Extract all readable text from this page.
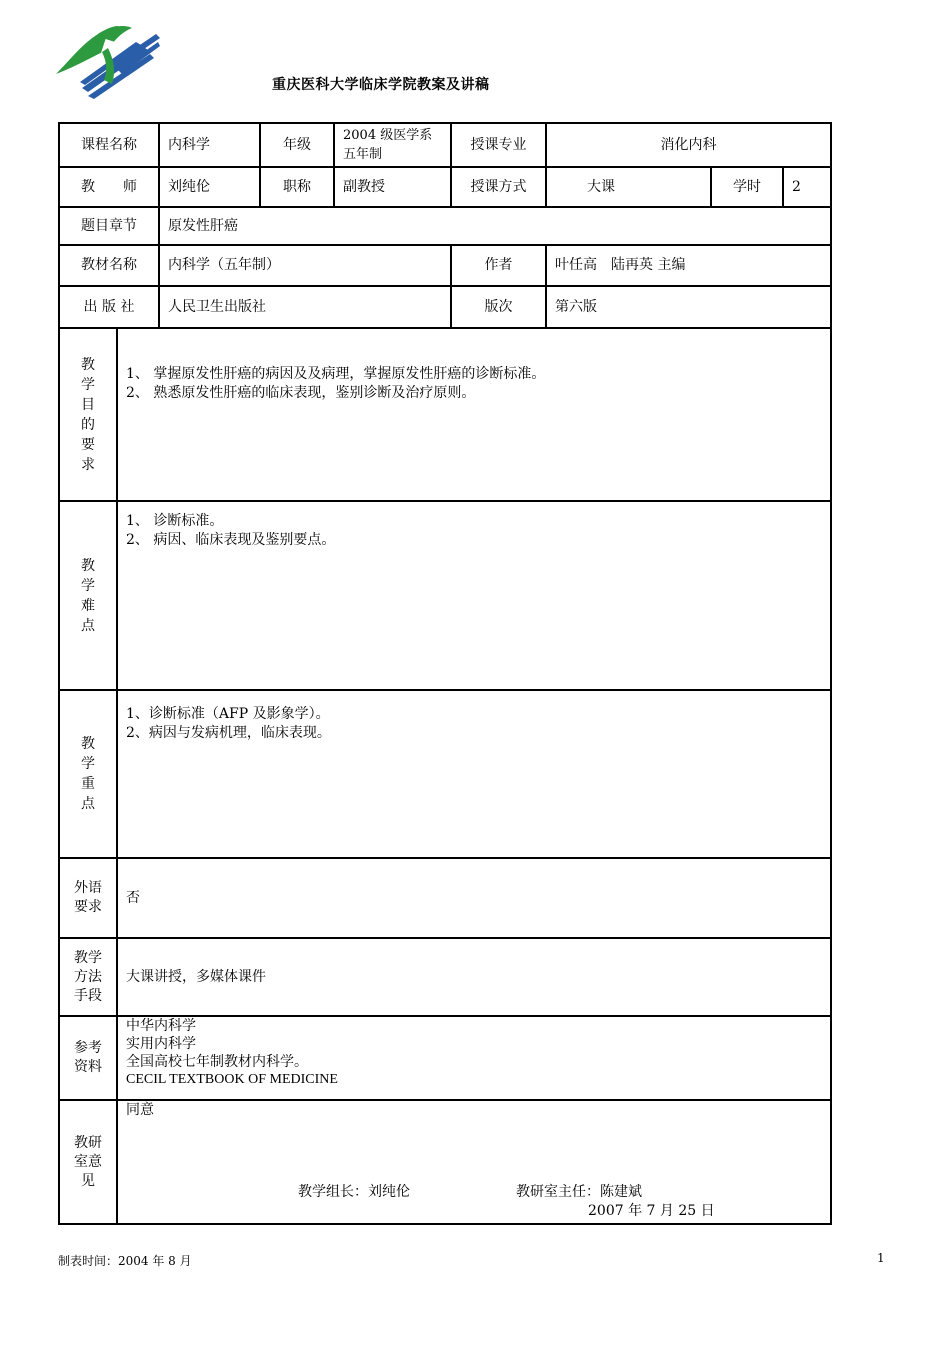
重庆医科大学临床学院教案及讲稿
课程名称		内科学	年级	2004 级医学系五年制	授课专业	消化内科		
教　　师		刘纯伦	职称	副教授	授课方式	大课	学时	2
题目章节		原发性肝癌						
教材名称		内科学（五年制）			作者	叶任高　陆再英 主编		
出 版 社		人民卫生出版社			版次	第六版		
教学目的要求	1、 掌握原发性肝癌的病因及及病理，掌握原发性肝癌的诊断标准。
2、 熟悉原发性肝癌的临床表现，鉴别诊断及治疗原则。							

教学难点	1、 诊断标准。
2、 病因、临床表现及鉴别要点。							

教学重点	1、诊断标准（AFP 及影象学）。
2、病因与发病机理，临床表现。							

外语要求	否							
教学方法手段	大课讲授，多媒体课件							
参考资料	中华内科学
实用内科学
全国高校七年制教材内科学。
CECIL TEXTBOOK OF MEDICINE							

教研室意见	同意
教学组长：刘纯伦 教研室主任：陈建斌
2007 年 7 月 25 日							
制表时间：2004 年 8 月	1
